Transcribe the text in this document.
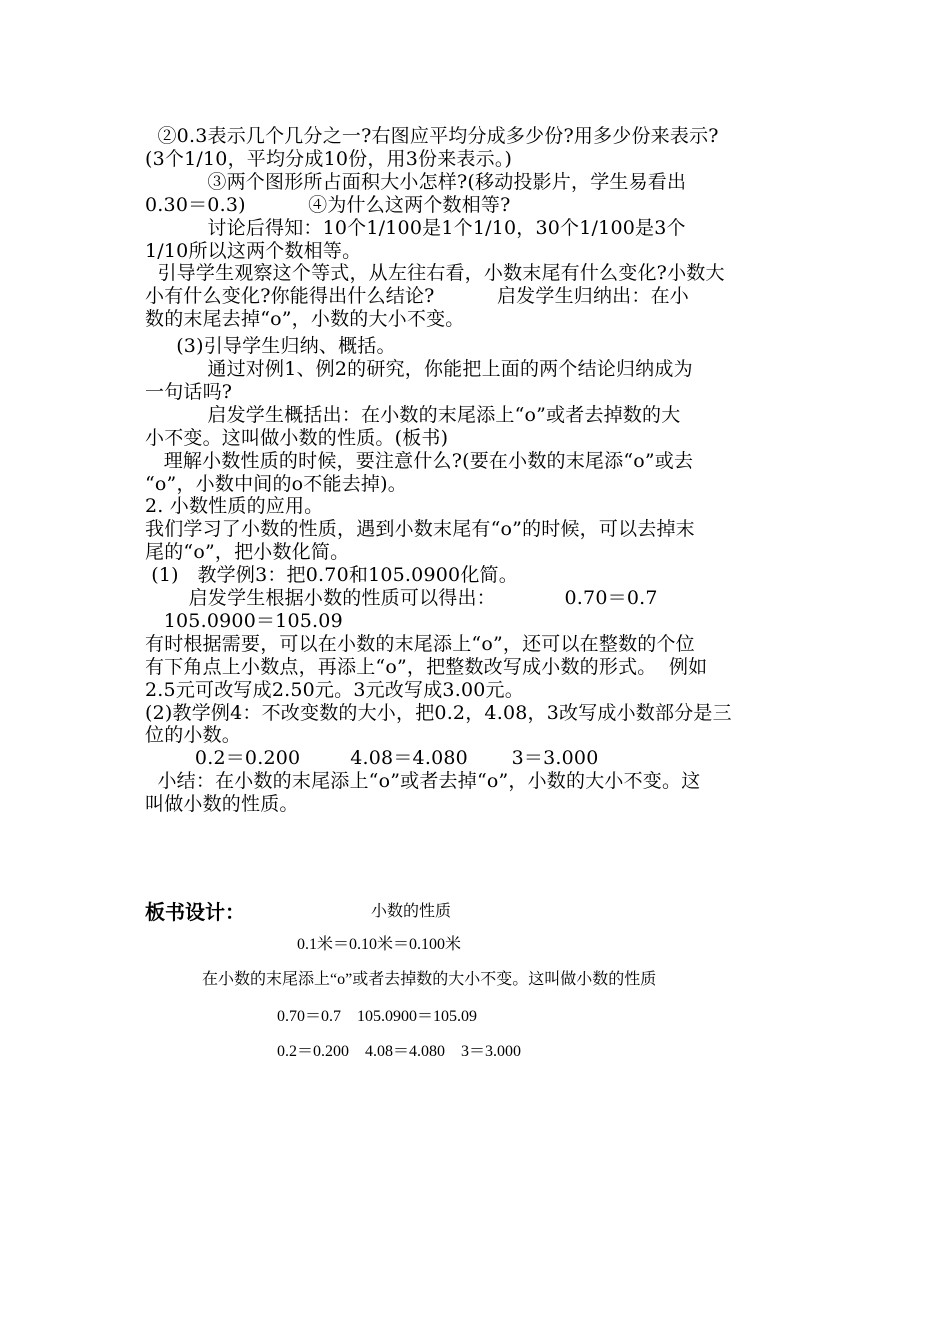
②0.3表示几个几分之一?右图应平均分成多少份?用多少份来表示?
(3个1/10，平均分成10份，用3份来表示。)
③两个图形所占面积大小怎样?(移动投影片，学生易看出
0.30＝0.3)          ④为什么这两个数相等?
讨论后得知：10个1/100是1个1/10，30个1/100是3个
1/10所以这两个数相等。
引导学生观察这个等式，从左往右看，小数末尾有什么变化?小数大
小有什么变化?你能得出什么结论?          启发学生归纳出：在小
数的末尾去掉“o”，小数的大小不变。
(3)引导学生归纳、概括。
通过对例1、例2的研究，你能把上面的两个结论归纳成为
一句话吗?
启发学生概括出：在小数的末尾添上“o”或者去掉数的大
小不变。这叫做小数的性质。(板书)
理解小数性质的时候，要注意什么?(要在小数的末尾添“o”或去
“o”，小数中间的o不能去掉)。
2. 小数性质的应用。
我们学习了小数的性质，遇到小数末尾有“o”的时候，可以去掉末
尾的“o”，把小数化简。
(1)   教学例3：把0.70和105.0900化简。
启发学生根据小数的性质可以得出：           0.70＝0.7
105.0900＝105.09
有时根据需要，可以在小数的末尾添上“o”，还可以在整数的个位
有下角点上小数点，再添上“o”，把整数改写成小数的形式。  例如
2.5元可改写成2.50元。3元改写成3.00元。
(2)教学例4：不改变数的大小，把0.2，4.08，3改写成小数部分是三
位的小数。
0.2＝0.200        4.08＝4.080       3＝3.000
小结：在小数的末尾添上“o”或者去掉“o”，小数的大小不变。这
叫做小数的性质。
板书设计：	小数的性质
0.1米＝0.10米＝0.100米
在小数的末尾添上“o”或者去掉数的大小不变。这叫做小数的性质
0.70＝0.7    105.0900＝105.09
0.2＝0.200    4.08＝4.080    3＝3.000
